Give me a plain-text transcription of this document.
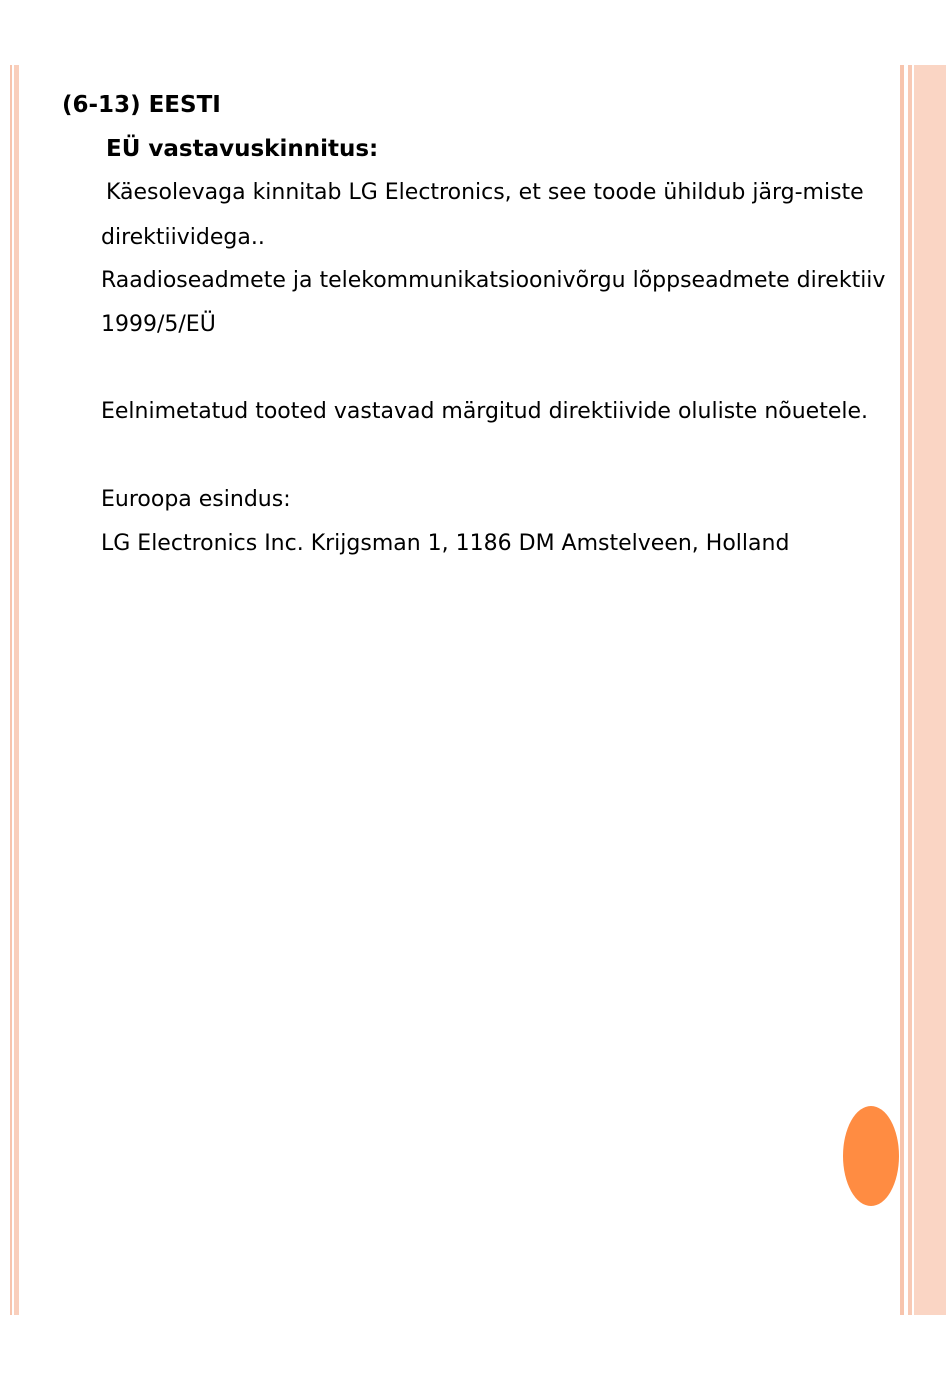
(6-13) EESTI
EÜ vastavuskinnitus:
Käesolevaga kinnitab LG Electronics, et see toode ühildub järg-miste
direktiividega..
Raadioseadmete ja telekommunikatsioonivõrgu lõppseadmete direktiiv
1999/5/EÜ
Eelnimetatud tooted vastavad märgitud direktiivide oluliste nõuetele.
Euroopa esindus:
LG Electronics Inc. Krijgsman 1, 1186 DM Amstelveen, Holland
